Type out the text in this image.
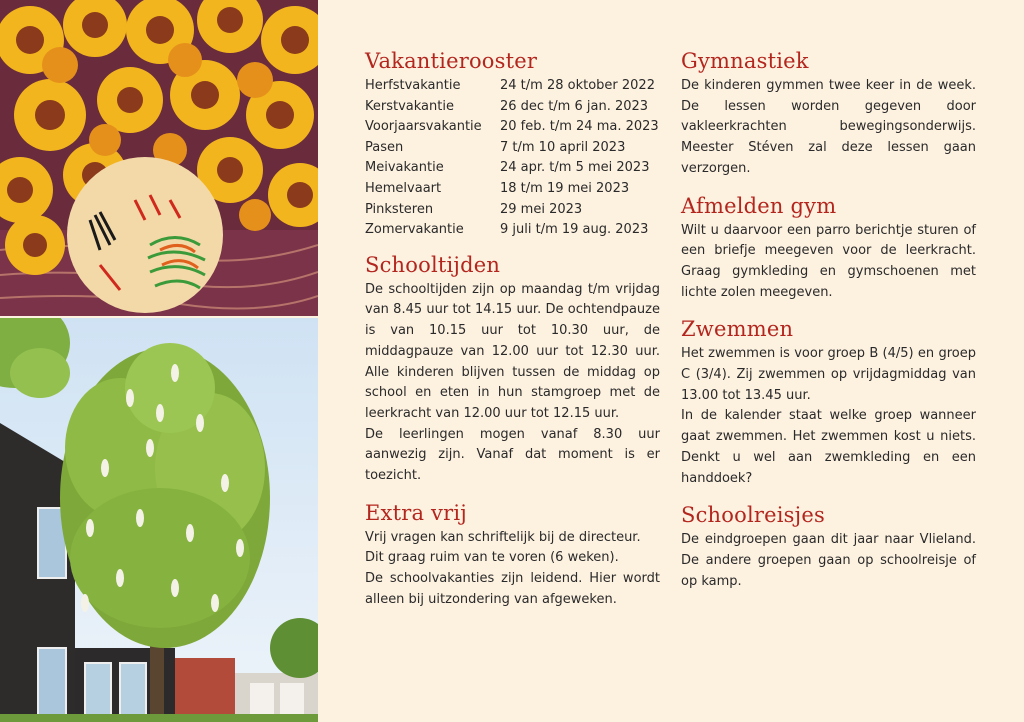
Vakantierooster
Herfstvakantie	24 t/m 28 oktober 2022
Kerstvakantie	26 dec t/m 6 jan. 2023
Voorjaarsvakantie	20 feb. t/m 24 ma. 2023
Pasen	7 t/m 10 april 2023
Meivakantie	24 apr. t/m 5 mei 2023
Hemelvaart	18 t/m 19 mei 2023
Pinksteren	29 mei 2023
Zomervakantie	9 juli t/m 19 aug. 2023
Schooltijden

De schooltijden zijn op maandag t/m vrijdag van 8.45 uur tot 14.15 uur. De ochtendpauze is van 10.15 uur tot 10.30 uur, de middagpauze van 12.00 uur tot 12.30 uur. Alle kinderen blijven tussen de middag op school en eten in hun stamgroep met de leerkracht van 12.00 uur tot 12.15 uur.

De leerlingen mogen vanaf 8.30 uur aanwezig zijn. Vanaf dat moment is er toezicht.

Extra vrij

Vrij vragen kan schriftelijk bij de directeur.

Dit graag ruim van te voren (6 weken).

De schoolvakanties zijn leidend. Hier wordt alleen bij uitzondering van afgeweken.

Gymnastiek

De kinderen gymmen twee keer in de week. De lessen worden gegeven door vakleerkrachten bewegingsonderwijs. Meester Stéven zal deze lessen gaan verzorgen.

Afmelden gym

Wilt u daarvoor een parro berichtje sturen of een briefje meegeven voor de leerkracht. Graag gymkleding en gymschoenen met lichte zolen meegeven.

Zwemmen

Het zwemmen is voor groep B (4/5) en groep C (3/4). Zij zwemmen op vrijdagmiddag van 13.00 tot 13.45 uur.

In de kalender staat welke groep wanneer gaat zwemmen. Het zwemmen kost u niets. Denkt u wel aan zwemkleding en een handdoek?

Schoolreisjes

De eindgroepen gaan dit jaar naar Vlieland. De andere groepen gaan op schoolreisje of op kamp.
